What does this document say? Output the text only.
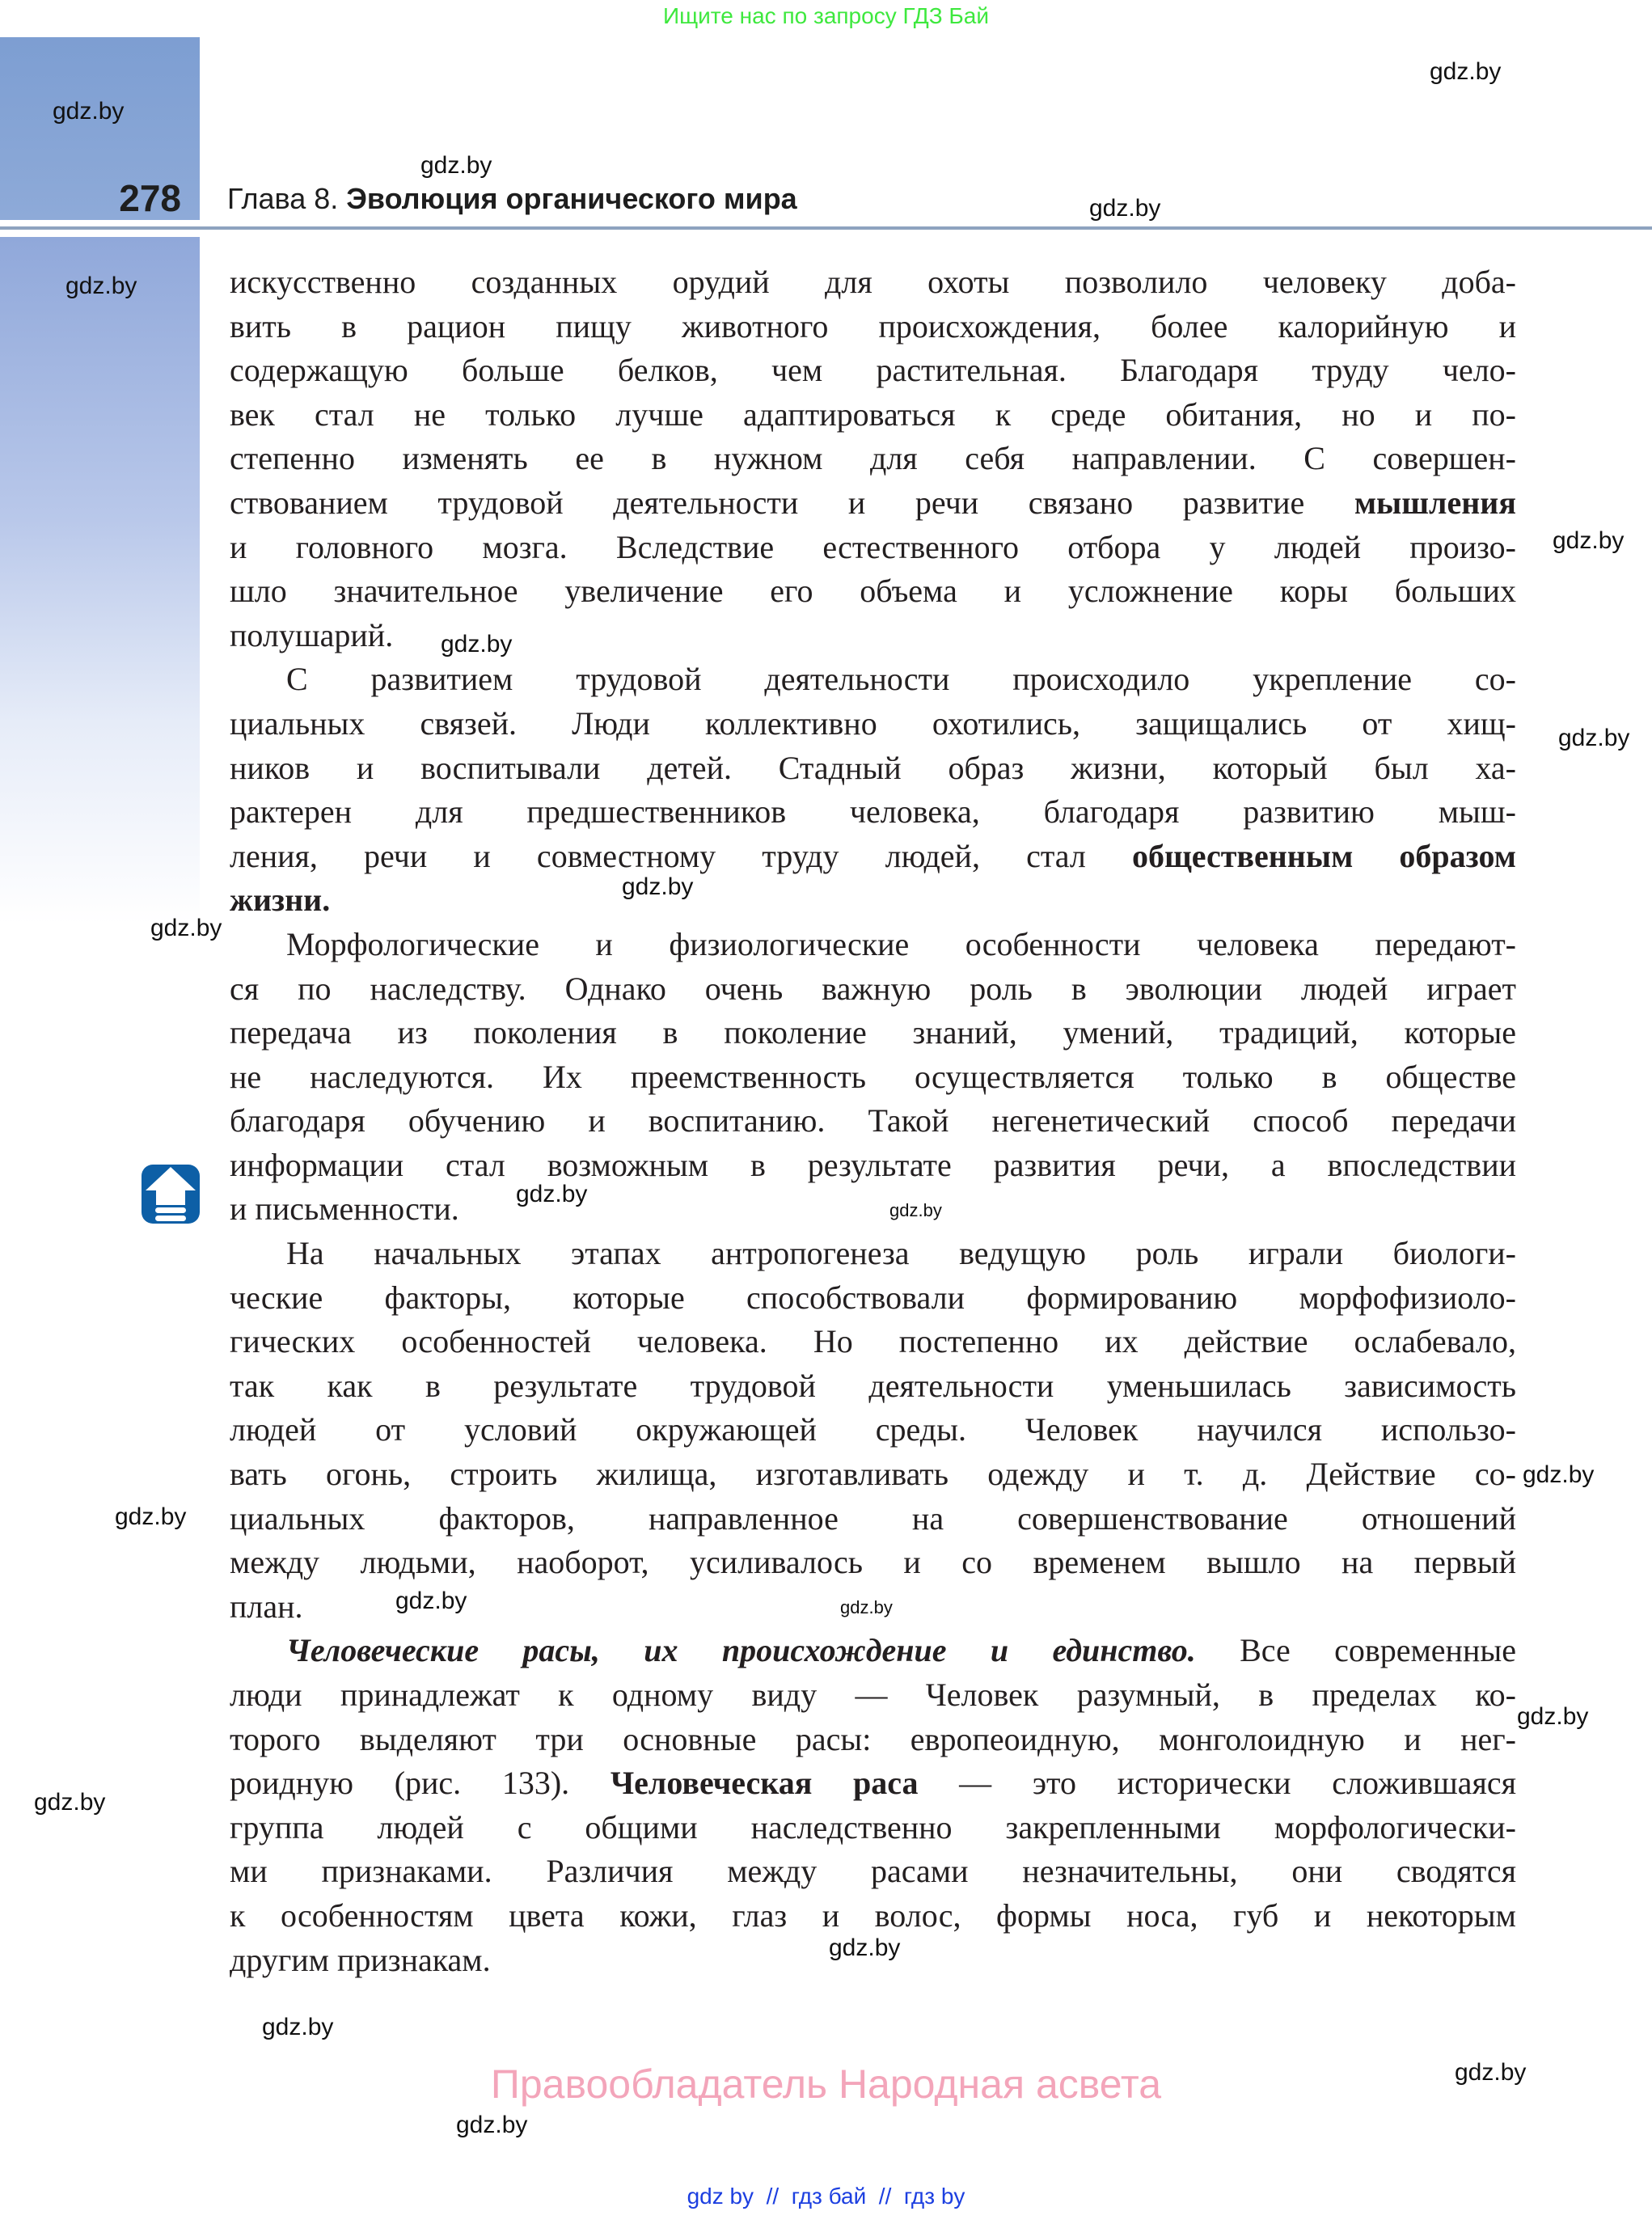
Ищите нас по запросу ГДЗ Бай
278 Глава 8. Эволюция органического мира
искусственно созданных орудий для охоты позволило человеку доба-
вить в рацион пищу животного происхождения, более калорийную и
содержащую больше белков, чем растительная. Благодаря труду чело-
век стал не только лучше адаптироваться к среде обитания, но и по-
степенно изменять ее в нужном для себя направлении. С совершен-
ствованием трудовой деятельности и речи связано развитие мышления
и головного мозга. Вследствие естественного отбора у людей произо-
шло значительное увеличение его объема и усложнение коры больших
полушарий.
С развитием трудовой деятельности происходило укрепление со-
циальных связей. Люди коллективно охотились, защищались от хищ-
ников и воспитывали детей. Стадный образ жизни, который был ха-
рактерен для предшественников человека, благодаря развитию мыш-
ления, речи и совместному труду людей, стал общественным образом
жизни.
Морфологические и физиологические особенности человека передают-
ся по наследству. Однако очень важную роль в эволюции людей играет
передача из поколения в поколение знаний, умений, традиций, которые
не наследуются. Их преемственность осуществляется только в обществе
благодаря обучению и воспитанию. Такой негенетический способ передачи
информации стал возможным в результате развития речи, а впоследствии
и письменности.
На начальных этапах антропогенеза ведущую роль играли биологи-
ческие факторы, которые способствовали формированию морфофизиоло-
гических особенностей человека. Но постепенно их действие ослабевало,
так как в результате трудовой деятельности уменьшилась зависимость
людей от условий окружающей среды. Человек научился использо-
вать огонь, строить жилища, изготавливать одежду и т. д. Действие со-
циальных факторов, направленное на совершенствование отношений
между людьми, наоборот, усиливалось и со временем вышло на первый
план.
Человеческие расы, их происхождение и единство. Все современные
люди принадлежат к одному виду — Человек разумный, в пределах ко-
торого выделяют три основные расы: европеоидную, монголоидную и нег-
роидную (рис. 133). Человеческая раса — это исторически сложившаяся
группа людей с общими наследственно закрепленными морфологически-
ми признаками. Различия между расами незначительны, они сводятся
к особенностям цвета кожи, глаз и волос, формы носа, губ и некоторым
другим признакам.
gdz.by
gdz.by
gdz.by
gdz.by
gdz.by
gdz.by
gdz.by
gdz.by
gdz.by
gdz.by
gdz.by
gdz.by
gdz.by
gdz.by
gdz.by	gdz.by
gdz.by
gdz.by
gdz.by
gdz.by
gdz.by
gdz.by
Правообладатель Народная асвета
gdz by  //  гдз бай  //  гдз by
